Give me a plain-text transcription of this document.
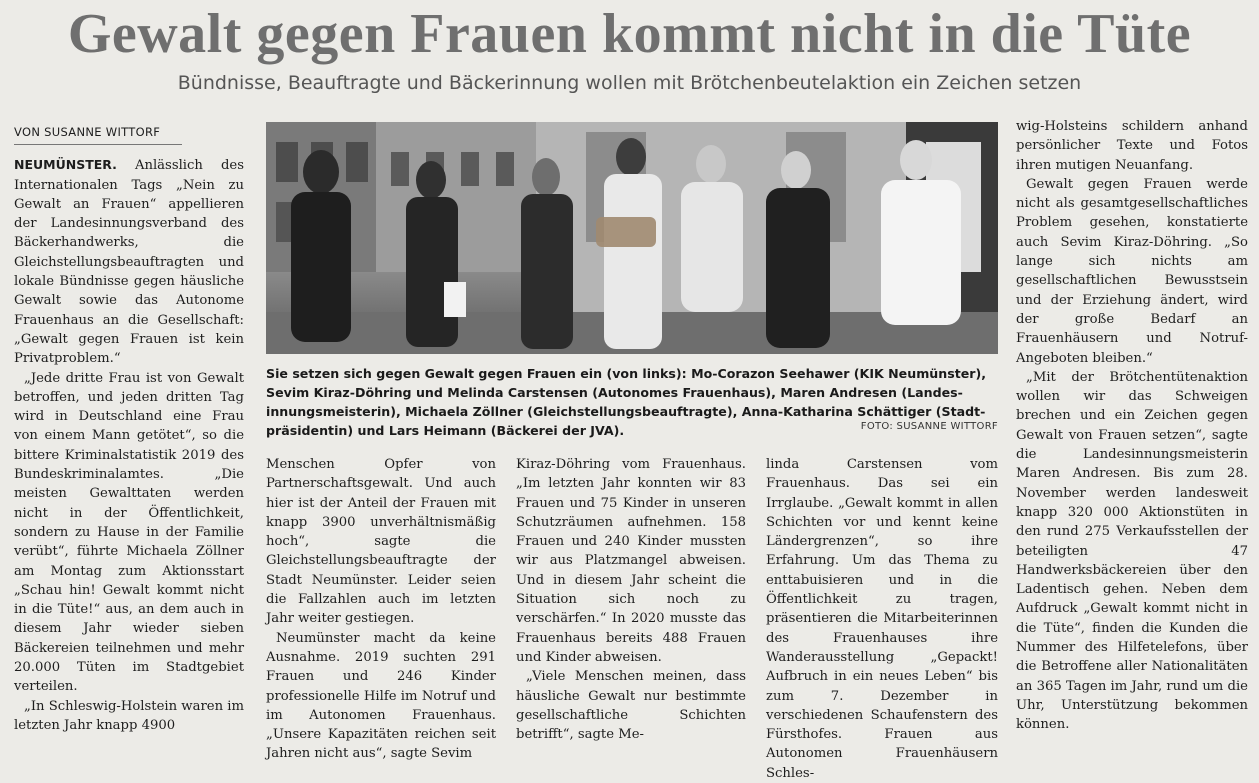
Gewalt gegen Frauen kommt nicht in die Tüte

Bündnisse, Beauftragte und Bäckerinnung wollen mit Brötchenbeutelaktion ein Zeichen setzen

VON SUSANNE WITTORF

NEUMÜNSTER. Anlässlich des Internationalen Tags „Nein zu Gewalt an Frauen“ appellieren der Landesinnungsverband des Bäckerhandwerks, die Gleichstellungsbeauftragten und lokale Bündnisse gegen häusliche Gewalt sowie das Autonome Frauenhaus an die Gesellschaft: „Gewalt gegen Frauen ist kein Privatproblem.“

„Jede dritte Frau ist von Gewalt betroffen, und jeden dritten Tag wird in Deutschland eine Frau von einem Mann getötet“, so die bittere Kriminalstatistik 2019 des Bundeskriminalamtes. „Die meisten Gewalttaten werden nicht in der Öffentlichkeit, sondern zu Hause in der Familie verübt“, führte Michaela Zöllner am Montag zum Aktionsstart „Schau hin! Gewalt kommt nicht in die Tüte!“ aus, an dem auch in diesem Jahr wieder sieben Bäckereien teilnehmen und mehr 20.000 Tüten im Stadtgebiet verteilen.

„In Schleswig-Holstein waren im letzten Jahr knapp 4900

Sie setzen sich gegen Gewalt gegen Frauen ein (von links): Mo-Corazon Seehawer (KIK Neumünster), Sevim Kiraz-Döhring und Melinda Carstensen (Autonomes Frauenhaus), Maren Andresen (Landes-innungsmeisterin), Michaela Zöllner (Gleichstellungsbeauftragte), Anna-Katharina Schättiger (Stadt-präsidentin) und Lars Heimann (Bäckerei der JVA).	FOTO: SUSANNE WITTORF

Menschen Opfer von Partnerschaftsgewalt. Und auch hier ist der Anteil der Frauen mit knapp 3900 unverhältnismäßig hoch“, sagte die Gleichstellungsbeauftragte der Stadt Neumünster. Leider seien die Fallzahlen auch im letzten Jahr weiter gestiegen.

Neumünster macht da keine Ausnahme. 2019 suchten 291 Frauen und 246 Kinder professionelle Hilfe im Notruf und im Autonomen Frauenhaus. „Unsere Kapazitäten reichen seit Jahren nicht aus“, sagte Sevim

Kiraz-Döhring vom Frauenhaus. „Im letzten Jahr konnten wir 83 Frauen und 75 Kinder in unseren Schutzräumen aufnehmen. 158 Frauen und 240 Kinder mussten wir aus Platzmangel abweisen. Und in diesem Jahr scheint die Situation sich noch zu verschärfen.“ In 2020 musste das Frauenhaus bereits 488 Frauen und Kinder abweisen.

„Viele Menschen meinen, dass häusliche Gewalt nur bestimmte gesellschaftliche Schichten betrifft“, sagte Me-

linda Carstensen vom Frauenhaus. Das sei ein Irrglaube. „Gewalt kommt in allen Schichten vor und kennt keine Ländergrenzen“, so ihre Erfahrung. Um das Thema zu enttabuisieren und in die Öffentlichkeit zu tragen, präsentieren die Mitarbeiterinnen des Frauenhauses ihre Wanderausstellung „Gepackt! Aufbruch in ein neues Leben“ bis zum 7. Dezember in verschiedenen Schaufenstern des Fürsthofes. Frauen aus Autonomen Frauenhäusern Schles-

wig-Holsteins schildern anhand persönlicher Texte und Fotos ihren mutigen Neuanfang.

Gewalt gegen Frauen werde nicht als gesamtgesellschaftliches Problem gesehen, konstatierte auch Sevim Kiraz-Döhring. „So lange sich nichts am gesellschaftlichen Bewusstsein und der Erziehung ändert, wird der große Bedarf an Frauenhäusern und Notruf-Angeboten bleiben.“

„Mit der Brötchentütenaktion wollen wir das Schweigen brechen und ein Zeichen gegen Gewalt von Frauen setzen“, sagte die Landesinnungsmeisterin Maren Andresen. Bis zum 28. November werden landesweit knapp 320 000 Aktionstüten in den rund 275 Verkaufsstellen der beteiligten 47 Handwerksbäckereien über den Ladentisch gehen. Neben dem Aufdruck „Gewalt kommt nicht in die Tüte“, finden die Kunden die Nummer des Hilfetelefons, über die Betroffene aller Nationalitäten an 365 Tagen im Jahr, rund um die Uhr, Unterstützung bekommen können.
